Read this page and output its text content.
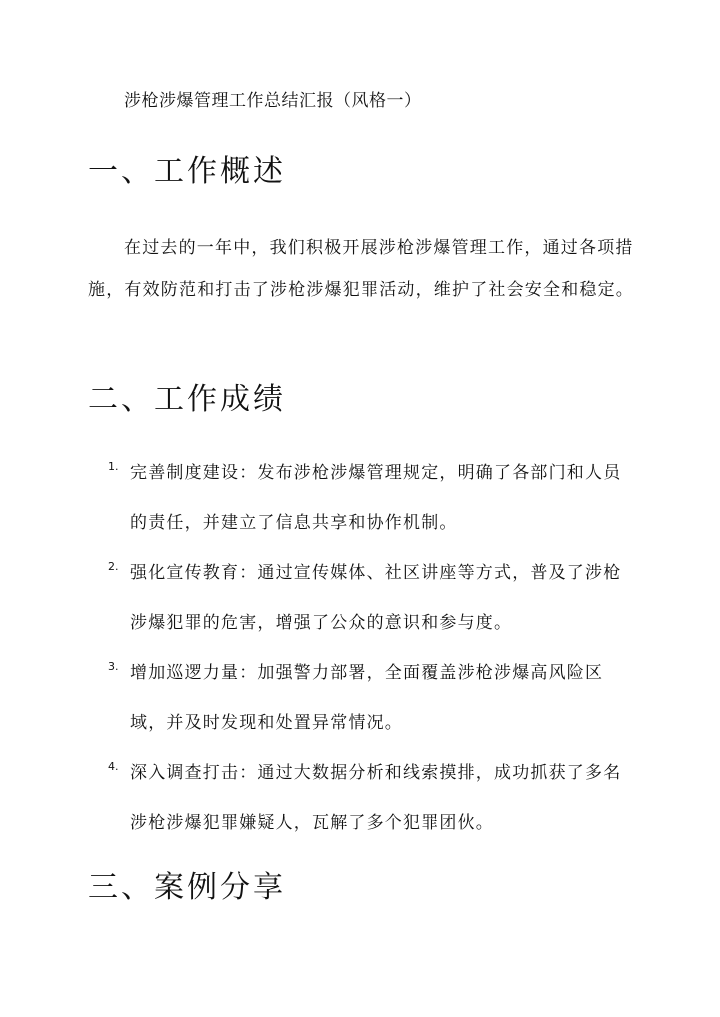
涉枪涉爆管理工作总结汇报（风格一）
一、工作概述

在过去的一年中，我们积极开展涉枪涉爆管理工作，通过各项措施，有效防范和打击了涉枪涉爆犯罪活动，维护了社会安全和稳定。

二、工作成绩
1. 完善制度建设：发布涉枪涉爆管理规定，明确了各部门和人员的责任，并建立了信息共享和协作机制。

2. 强化宣传教育：通过宣传媒体、社区讲座等方式，普及了涉枪涉爆犯罪的危害，增强了公众的意识和参与度。

3. 增加巡逻力量：加强警力部署，全面覆盖涉枪涉爆高风险区域，并及时发现和处置异常情况。

4. 深入调查打击：通过大数据分析和线索摸排，成功抓获了多名涉枪涉爆犯罪嫌疑人，瓦解了多个犯罪团伙。

三、案例分享
